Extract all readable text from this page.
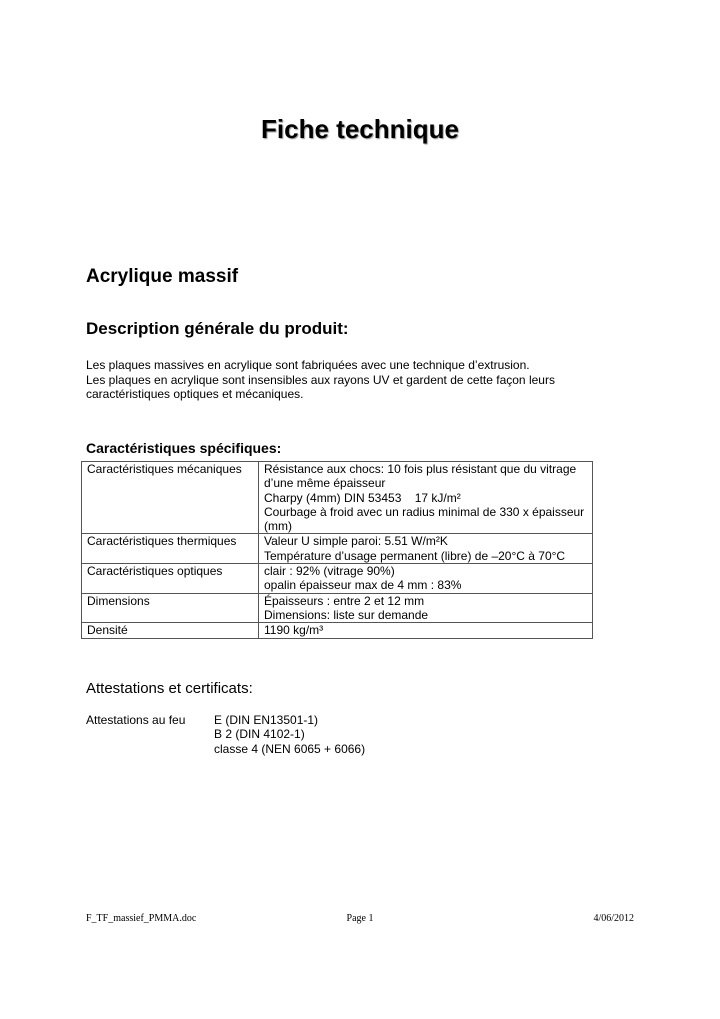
Fiche technique
Acrylique massif
Description générale du produit:
Les plaques massives en acrylique sont fabriquées avec une technique d’extrusion.
Les plaques en acrylique sont insensibles aux rayons UV et gardent de cette façon leurs
caractéristiques optiques et mécaniques.
Caractéristiques spécifiques:
Caractéristiques mécaniques	Résistance aux chocs: 10 fois plus résistant que du vitrage d’une même épaisseur
Charpy (4mm) DIN 53453    17 kJ/m²
Courbage à froid avec un radius minimal de 330 x épaisseur (mm)

Caractéristiques thermiques	Valeur U simple paroi: 5.51 W/m²K
Température d’usage permanent (libre) de –20°C à 70°C

Caractéristiques optiques	clair : 92% (vitrage 90%)
opalin épaisseur max de 4 mm : 83%

Dimensions	Épaisseurs : entre 2 et 12 mm
Dimensions: liste sur demande

Densité	1190 kg/m³
Attestations et certificats:
Attestations au feu E (DIN EN13501-1)
B 2 (DIN 4102-1)
classe 4 (NEN 6065 + 6066)
F_TF_massief_PMMA.doc	Page 1	4/06/2012
